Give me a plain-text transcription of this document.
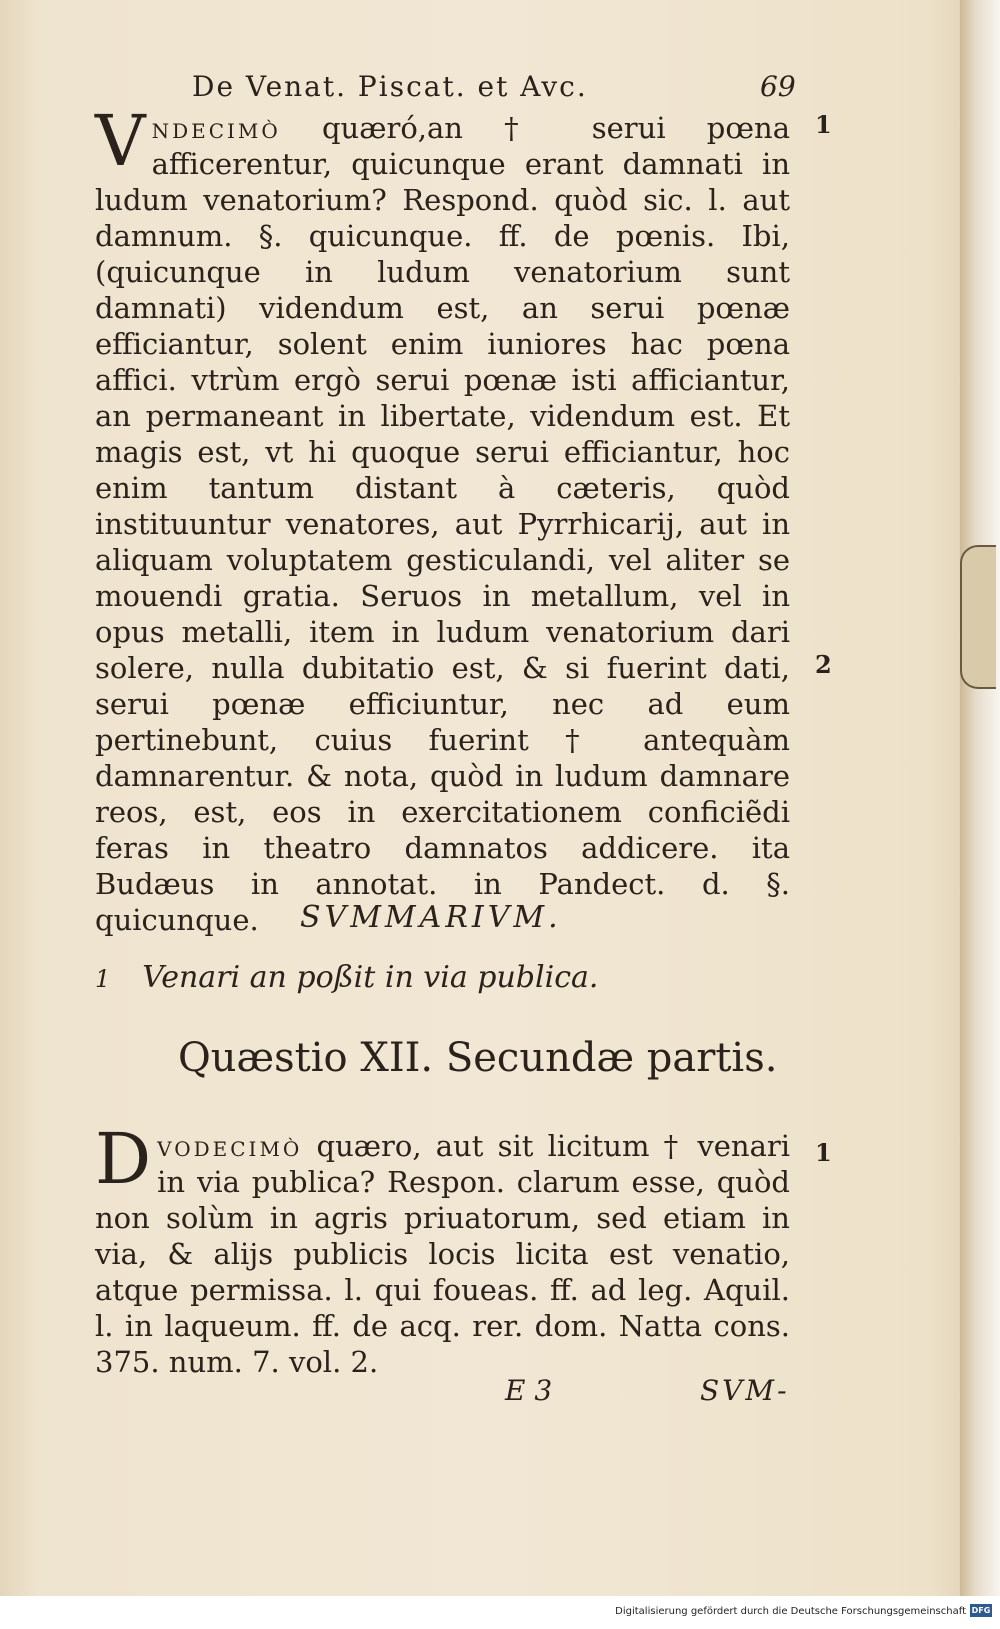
De Venat. Piscat. et Avc.	69
Vndecimò quæró,an † serui pœna afficerentur, quicunque erant damnati in ludum venatorium? Respond. quòd sic. l. aut damnum. §. quicunque. ff. de pœnis. Ibi, (quicunque in ludum venatorium sunt damnati) videndum est, an serui pœnæ efficiantur, solent enim iuniores hac pœna affici. vtrùm ergò serui pœnæ isti afficiantur, an permaneant in libertate, videndum est. Et magis est, vt hi quoque serui efficiantur, hoc enim tantum distant à cæteris, quòd instituuntur venatores, aut Pyrrhicarij, aut in aliquam voluptatem gesticulandi, vel aliter se mouendi gratia. Seruos in metallum, vel in opus metalli, item in ludum venatorium dari solere, nulla dubitatio est, & si fuerint dati, serui pœnæ efficiuntur, nec ad eum pertinebunt, cuius fuerint † antequàm damnarentur. & nota, quòd in ludum damnare reos, est, eos in exercitationem conficiẽdi feras in theatro damnatos addicere. ita Budæus in annotat. in Pandect. d. §. quicunque.
1
2
SVMMARIVM.
1 Venari an poßit in via publica.
Quæstio XII. Secundæ partis.
Dvodecimò quæro, aut sit licitum † venari in via publica? Respon. clarum esse, quòd non solùm in agris priuatorum, sed etiam in via, & alijs publicis locis licita est venatio, atque permissa. l. qui foueas. ff. ad leg. Aquil. l. in laqueum. ff. de acq. rer. dom. Natta cons. 375. num. 7. vol. 2.
1
E 3	SVM-
Digitalisierung gefördert durch die Deutsche Forschungsgemeinschaft DFG
